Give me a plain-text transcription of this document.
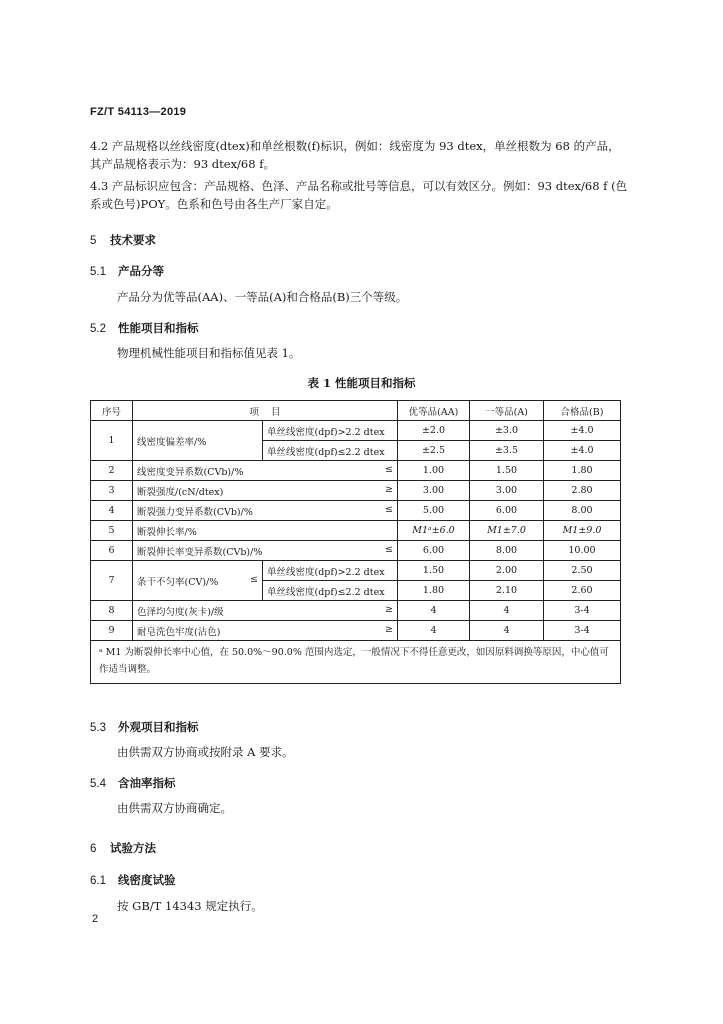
FZ/T 54113—2019
4.2 产品规格以丝线密度(dtex)和单丝根数(f)标识，例如：线密度为 93 dtex，单丝根数为 68 的产品，
其产品规格表示为：93 dtex/68 f。
4.3 产品标识应包含：产品规格、色泽、产品名称或批号等信息，可以有效区分。例如：93 dtex/68 f (色
系或色号)POY。色系和色号由各生产厂家自定。
5 技术要求
5.1 产品分等
产品分为优等品(AA)、一等品(A)和合格品(B)三个等级。
5.2 性能项目和指标
物理机械性能项目和指标值见表 1。
表 1 性能项目和指标
序号	项    目		优等品(AA)	一等品(A)	合格品(B)
1	线密度偏差率/%	单丝线密度(dpf)>2.2 dtex	±2.0	±3.0	±4.0
		单丝线密度(dpf)≤2.2 dtex	±2.5	±3.5	±4.0
2	线密度变异系数(CVb)/% ≤		1.00	1.50	1.80
3	断裂强度/(cN/dtex) ≥		3.00	3.00	2.80
4	断裂强力变异系数(CVb)/% ≤		5.00	6.00	8.00
5	断裂伸长率/%		M1ᵃ±6.0	M1±7.0	M1±9.0
6	断裂伸长率变异系数(CVb)/% ≤		6.00	8.00	10.00
7	条干不匀率(CV)/% ≤	单丝线密度(dpf)>2.2 dtex	1.50	2.00	2.50
		单丝线密度(dpf)≤2.2 dtex	1.80	2.10	2.60
8	色泽均匀度(灰卡)/级 ≥		4	4	3-4
9	耐皂洗色牢度(沾色) ≥		4	4	3-4
ᵃ M1 为断裂伸长率中心值，在 50.0%～90.0% 范围内选定，一般情况下不得任意更改，如因原料调换等原因，中心值可作适当调整。					
5.3 外观项目和指标
由供需双方协商或按附录 A 要求。
5.4 含油率指标
由供需双方协商确定。
6 试验方法
6.1 线密度试验
按 GB/T 14343 规定执行。
2
